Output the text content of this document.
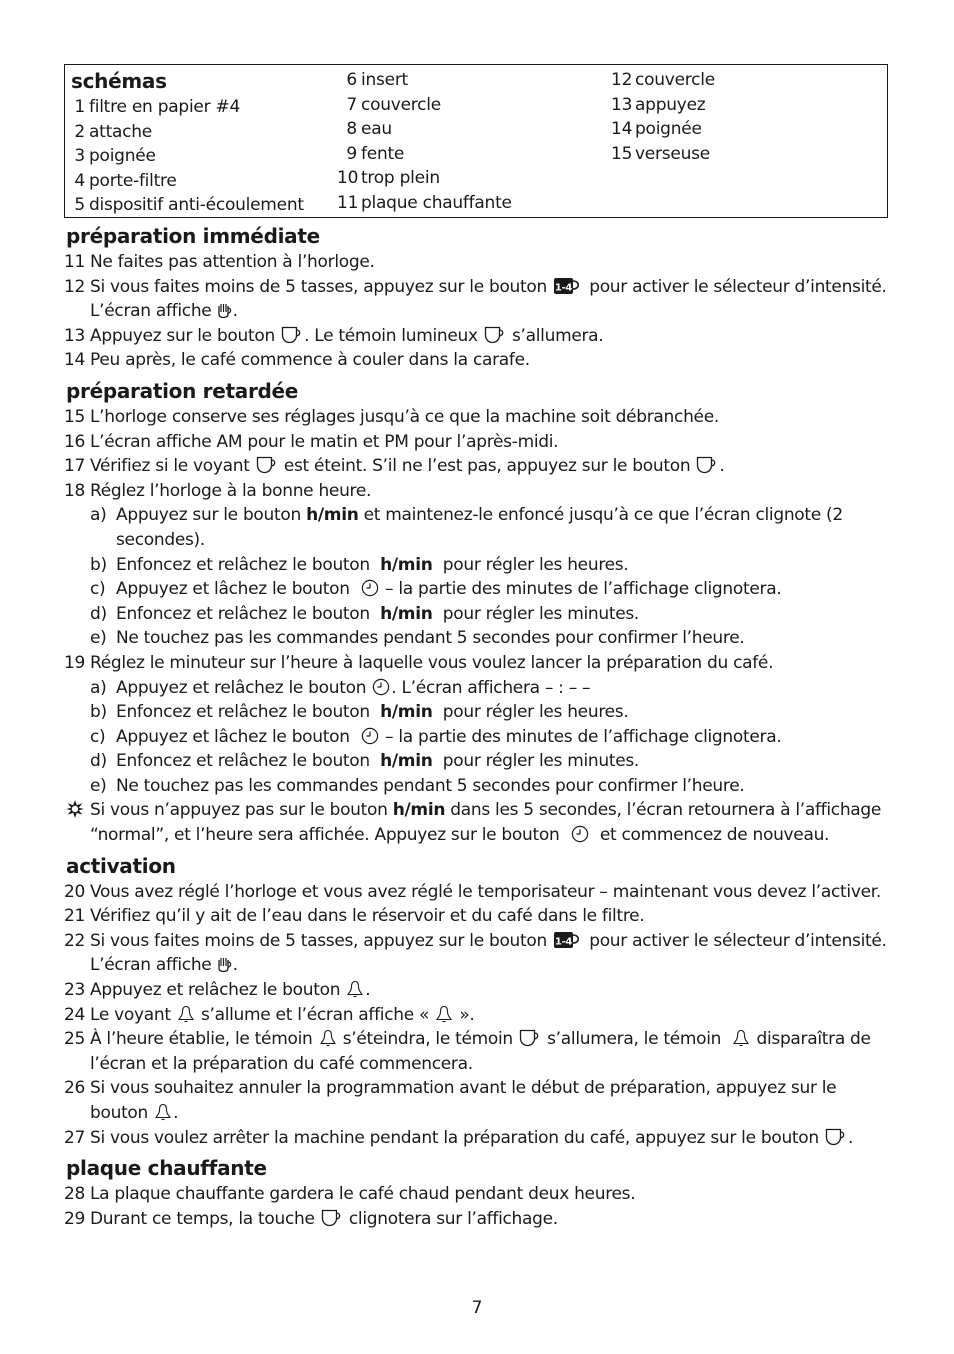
schémas
1 filtre en papier #4
2 attache
3 poignée
4 porte-filtre
5 dispositif anti-écoulement
6 insert
7 couvercle
8 eau
9 fente
10 trop plein
11 plaque chauffante
12 couvercle
13 appuyez
14 poignée
15 verseuse
préparation immédiate
11 Ne faites pas attention à l’horloge.
12 Si vous faites moins de 5 tasses, appuyez sur le bouton pour activer le sélecteur d’intensité. L’écran affiche .
13 Appuyez sur le bouton . Le témoin lumineux s’allumera.
14 Peu après, le café commence à couler dans la carafe.
préparation retardée
15 L’horloge conserve ses réglages jusqu’à ce que la machine soit débranchée.
16 L’écran affiche AM pour le matin et PM pour l’après-midi.
17 Vérifiez si le voyant est éteint. S’il ne l’est pas, appuyez sur le bouton .
18 Réglez l’horloge à la bonne heure.
a) Appuyez sur le bouton h/min et maintenez-le enfoncé jusqu’à ce que l’écran clignote (2 secondes).
b) Enfoncez et relâchez le bouton h/min pour régler les heures.
c) Appuyez et lâchez le bouton – la partie des minutes de l’affichage clignotera.
d) Enfoncez et relâchez le bouton h/min pour régler les minutes.
e) Ne touchez pas les commandes pendant 5 secondes pour confirmer l’heure.
19 Réglez le minuteur sur l’heure à laquelle vous voulez lancer la préparation du café.
a) Appuyez et relâchez le bouton . L’écran affichera – : – –
b) Enfoncez et relâchez le bouton h/min pour régler les heures.
c) Appuyez et lâchez le bouton – la partie des minutes de l’affichage clignotera.
d) Enfoncez et relâchez le bouton h/min pour régler les minutes.
e) Ne touchez pas les commandes pendant 5 secondes pour confirmer l’heure.
Si vous n’appuyez pas sur le bouton h/min dans les 5 secondes, l’écran retournera à l’affichage “normal”, et l’heure sera affichée. Appuyez sur le bouton et commencez de nouveau.
activation
20 Vous avez réglé l’horloge et vous avez réglé le temporisateur – maintenant vous devez l’activer.
21 Vérifiez qu’il y ait de l’eau dans le réservoir et du café dans le filtre.
22 Si vous faites moins de 5 tasses, appuyez sur le bouton pour activer le sélecteur d’intensité. L’écran affiche .
23 Appuyez et relâchez le bouton .
24 Le voyant s’allume et l’écran affiche « ».
25 À l’heure établie, le témoin s’éteindra, le témoin s’allumera, le témoin disparaîtra de l’écran et la préparation du café commencera.
26 Si vous souhaitez annuler la programmation avant le début de préparation, appuyez sur le bouton .
27 Si vous voulez arrêter la machine pendant la préparation du café, appuyez sur le bouton .
plaque chauffante
28 La plaque chauffante gardera le café chaud pendant deux heures.
29 Durant ce temps, la touche clignotera sur l’affichage.
7
